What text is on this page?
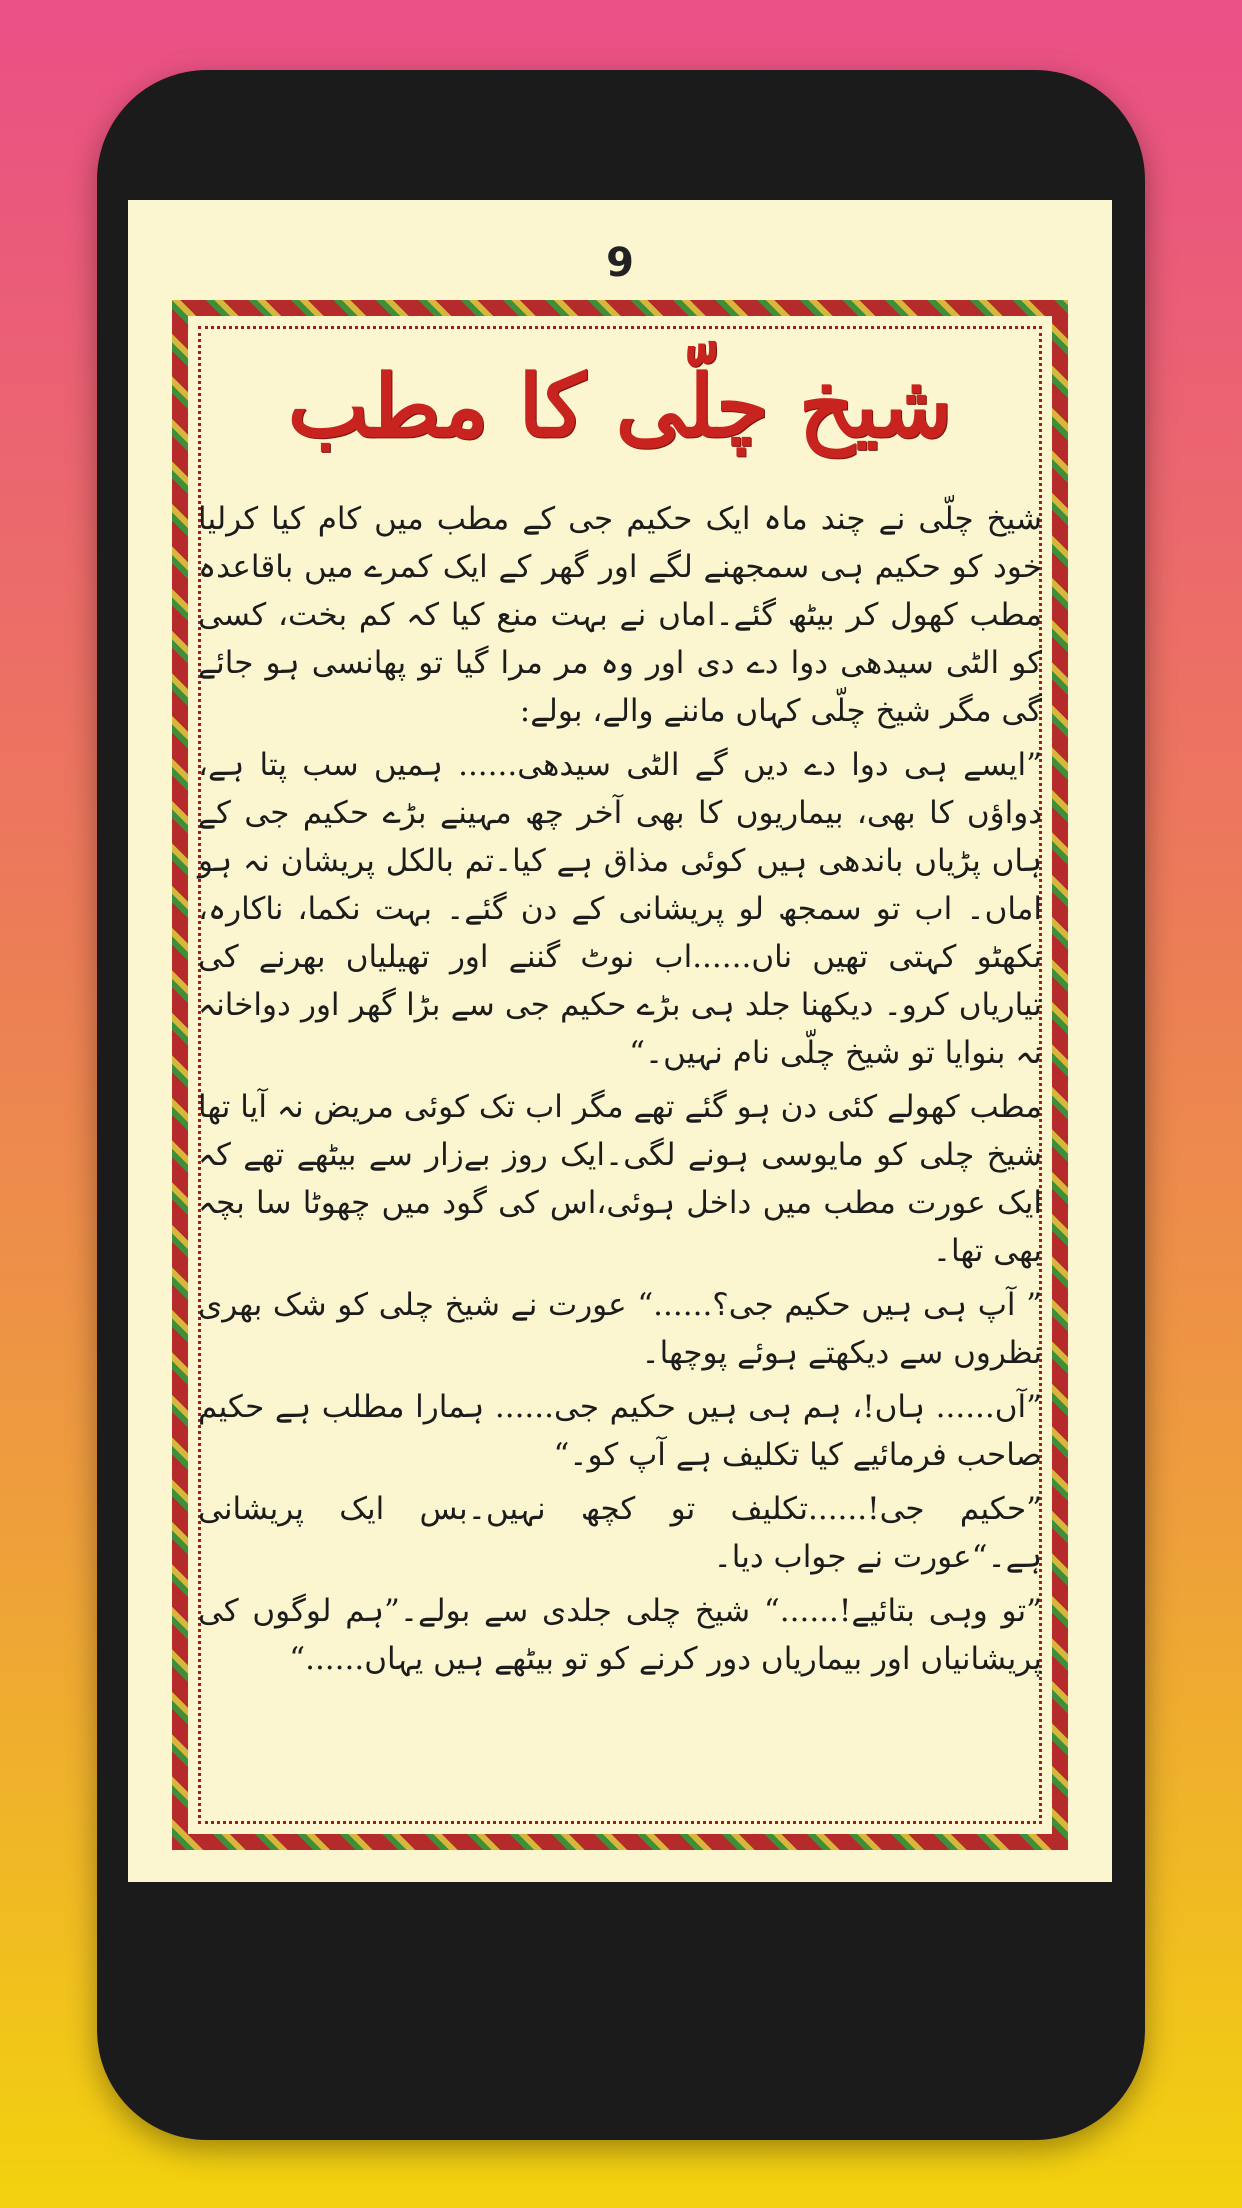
9
شیخ چلّی کا مطب

شیخ چلّی نے چند ماہ ایک حکیم جی کے مطب میں کام کیا کرلیا خود کو حکیم ہی سمجھنے لگے اور گھر کے ایک کمرے میں باقاعدہ مطب کھول کر بیٹھ گئے۔اماں نے بہت منع کیا کہ کم بخت، کسی کو الٹی سیدھی دوا دے دی اور وہ مر مرا گیا تو پھانسی ہو جائے گی مگر شیخ چلّی کہاں ماننے والے، بولے:

”ایسے ہی دوا دے دیں گے الٹی سیدھی...... ہمیں سب پتا ہے، دواؤں کا بھی، بیماریوں کا بھی آخر چھ مہینے بڑے حکیم جی کے ہاں پڑیاں باندھی ہیں کوئی مذاق ہے کیا۔تم بالکل پریشان نہ ہو اماں۔ اب تو سمجھ لو پریشانی کے دن گئے۔ بہت نکما، ناکارہ، نکھٹو کہتی تھیں ناں......اب نوٹ گننے اور تھیلیاں بھرنے کی تیاریاں کرو۔ دیکھنا جلد ہی بڑے حکیم جی سے بڑا گھر اور دواخانہ نہ بنوایا تو شیخ چلّی نام نہیں۔“

مطب کھولے کئی دن ہو گئے تھے مگر اب تک کوئی مریض نہ آیا تھا شیخ چلی کو مایوسی ہونے لگی۔ایک روز بےزار سے بیٹھے تھے کہ ایک عورت مطب میں داخل ہوئی،اس کی گود میں چھوٹا سا بچہ بھی تھا۔

” آپ ہی ہیں حکیم جی؟......“ عورت نے شیخ چلی کو شک بھری نظروں سے دیکھتے ہوئے پوچھا۔

”آں...... ہاں!، ہم ہی ہیں حکیم جی...... ہمارا مطلب ہے حکیم صاحب فرمائیے کیا تکلیف ہے آپ کو۔“

”حکیم جی!......تکلیف تو کچھ نہیں۔بس ایک پریشانی ہے۔“عورت نے جواب دیا۔

”تو وہی بتائیے!......“ شیخ چلی جلدی سے بولے۔”ہم لوگوں کی پریشانیاں اور بیماریاں دور کرنے کو تو بیٹھے ہیں یہاں......“
